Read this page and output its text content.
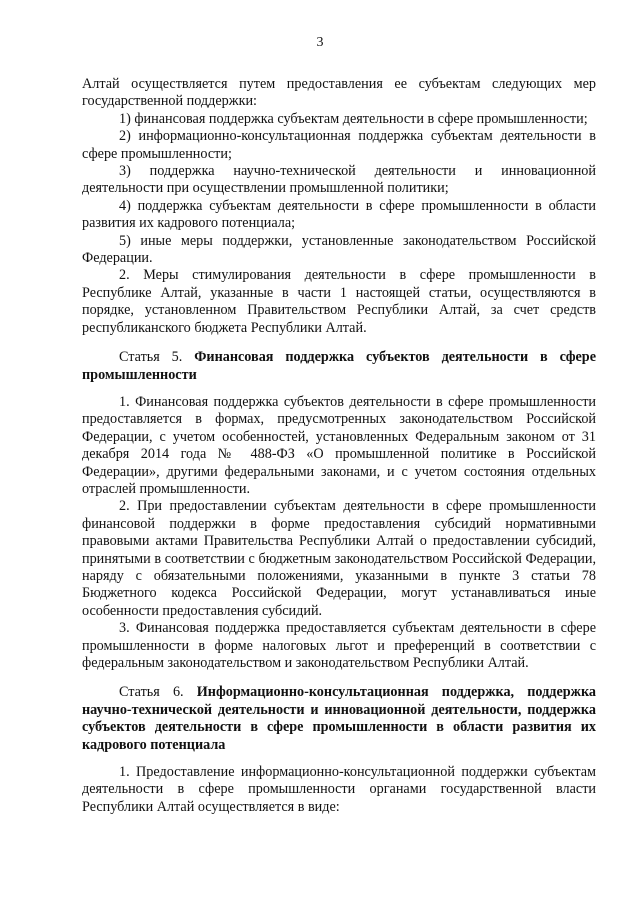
3

Алтай осуществляется путем предоставления ее субъектам следующих мер государственной поддержки:

1) финансовая поддержка субъектам деятельности в сфере промышленности;

2) информационно-консультационная поддержка субъектам деятельности в сфере промышленности;

3) поддержка научно-технической деятельности и инновационной деятельности при осуществлении промышленной политики;

4) поддержка субъектам деятельности в сфере промышленности в области развития их кадрового потенциала;

5) иные меры поддержки, установленные законодательством Российской Федерации.

2. Меры стимулирования деятельности в сфере промышленности в Республике Алтай, указанные в части 1 настоящей статьи, осуществляются в порядке, установленном Правительством Республики Алтай, за счет средств республиканского бюджета Республики Алтай.

Статья 5. Финансовая поддержка субъектов деятельности в сфере промышленности

1. Финансовая поддержка субъектов деятельности в сфере промышленности предоставляется в формах, предусмотренных законодательством Российской Федерации, с учетом особенностей, установленных Федеральным законом от 31 декабря 2014 года № 488-ФЗ «О промышленной политике в Российской Федерации», другими федеральными законами, и с учетом состояния отдельных отраслей промышленности.

2. При предоставлении субъектам деятельности в сфере промышленности финансовой поддержки в форме предоставления субсидий нормативными правовыми актами Правительства Республики Алтай о предоставлении субсидий, принятыми в соответствии с бюджетным законодательством Российской Федерации, наряду с обязательными положениями, указанными в пункте 3 статьи 78 Бюджетного кодекса Российской Федерации, могут устанавливаться иные особенности предоставления субсидий.

3. Финансовая поддержка предоставляется субъектам деятельности в сфере промышленности в форме налоговых льгот и преференций в соответствии с федеральным законодательством и законодательством Республики Алтай.

Статья 6. Информационно-консультационная поддержка, поддержка научно-технической деятельности и инновационной деятельности, поддержка субъектов деятельности в сфере промышленности в области развития их кадрового потенциала

1. Предоставление информационно-консультационной поддержки субъектам деятельности в сфере промышленности органами государственной власти Республики Алтай осуществляется в виде:
